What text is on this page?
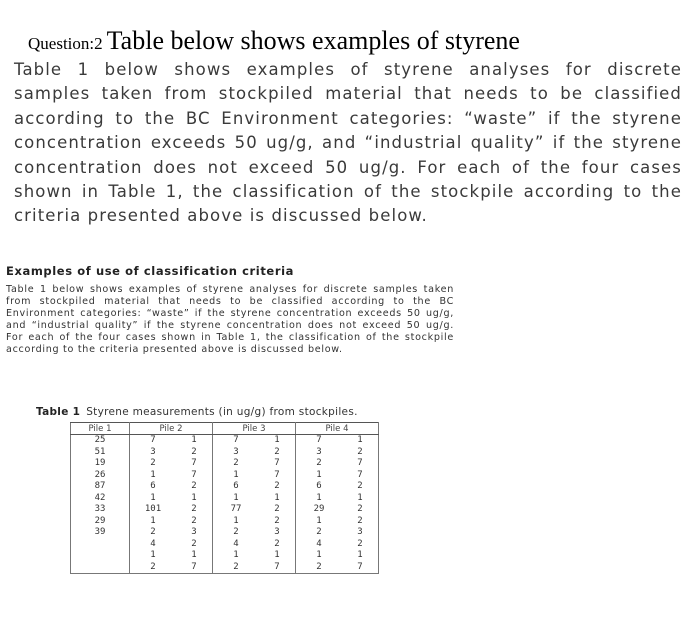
Question:2 Table below shows examples of styrene

Table 1 below shows examples of styrene analyses for discrete samples taken from stockpiled material that needs to be classified according to the BC Environment categories: “waste” if the styrene concentration exceeds 50 ug/g, and “industrial quality” if the styrene concentration does not exceed 50 ug/g. For each of the four cases shown in Table 1, the classification of the stockpile according to the criteria presented above is discussed below.

Examples of use of classification criteria

Table 1 below shows examples of styrene analyses for discrete samples taken from stockpiled material that needs to be classified according to the BC Environment categories: “waste” if the styrene concentration exceeds 50 ug/g, and “industrial quality” if the styrene concentration does not exceed 50 ug/g. For each of the four cases shown in Table 1, the classification of the stockpile according to the criteria presented above is discussed below.

Table 1 Styrene measurements (in ug/g) from stockpiles.
Pile 1	Pile 2		Pile 3		Pile 4	
25	7	1	7	1	7	1
51	3	2	3	2	3	2
19	2	7	2	7	2	7
26	1	7	1	7	1	7
87	6	2	6	2	6	2
42	1	1	1	1	1	1
33	101	2	77	2	29	2
29	1	2	1	2	1	2
39	2	3	2	3	2	3
	4	2	4	2	4	2
	1	1	1	1	1	1
	2	7	2	7	2	7
